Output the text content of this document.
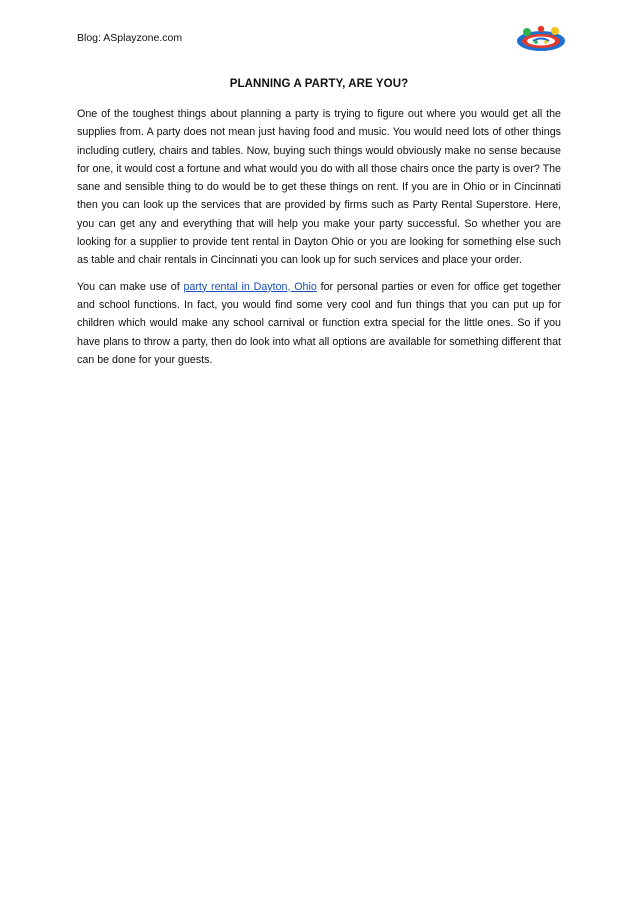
Blog: ASplayzone.com
PLANNING A PARTY, ARE YOU?

One of the toughest things about planning a party is trying to figure out where you would get all the supplies from. A party does not mean just having food and music. You would need lots of other things including cutlery, chairs and tables. Now, buying such things would obviously make no sense because for one, it would cost a fortune and what would you do with all those chairs once the party is over? The sane and sensible thing to do would be to get these things on rent. If you are in Ohio or in Cincinnati then you can look up the services that are provided by firms such as Party Rental Superstore. Here, you can get any and everything that will help you make your party successful. So whether you are looking for a supplier to provide tent rental in Dayton Ohio or you are looking for something else such as table and chair rentals in Cincinnati you can look up for such services and place your order.

You can make use of party rental in Dayton, Ohio for personal parties or even for office get together and school functions. In fact, you would find some very cool and fun things that you can put up for children which would make any school carnival or function extra special for the little ones. So if you have plans to throw a party, then do look into what all options are available for something different that can be done for your guests.
